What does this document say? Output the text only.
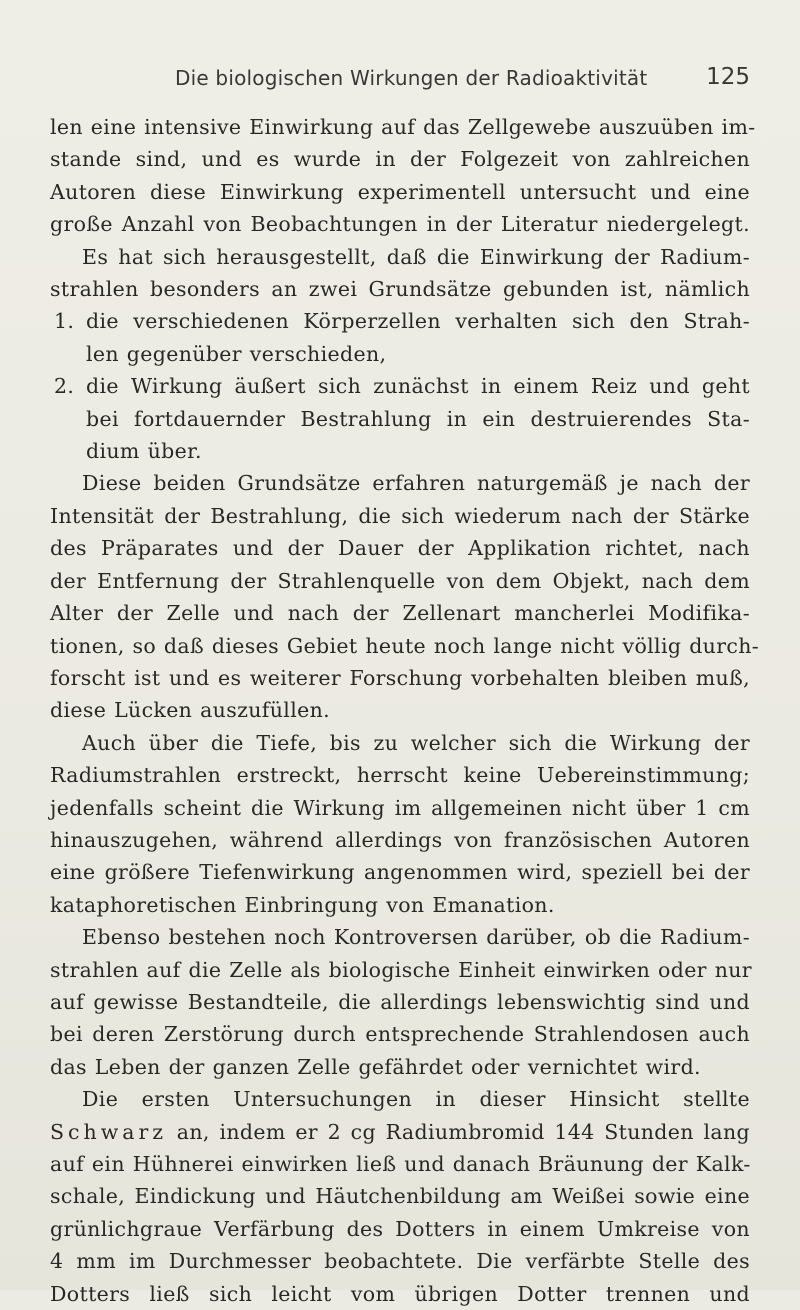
Die biologischen Wirkungen der Radioaktivität	125

len eine intensive Einwirkung auf das Zellgewebe auszuüben im-
stande sind, und es wurde in der Folgezeit von zahlreichen
Autoren diese Einwirkung experimentell untersucht und eine
große Anzahl von Beobachtungen in der Literatur niedergelegt.

Es hat sich herausgestellt, daß die Einwirkung der Radium-
strahlen besonders an zwei Grundsätze gebunden ist, nämlich

1. die verschiedenen Körperzellen verhalten sich den Strah-
len gegenüber verschieden,
2. die Wirkung äußert sich zunächst in einem Reiz und geht
bei fortdauernder Bestrahlung in ein destruierendes Sta-
dium über.

Diese beiden Grundsätze erfahren naturgemäß je nach der
Intensität der Bestrahlung, die sich wiederum nach der Stärke
des Präparates und der Dauer der Applikation richtet, nach
der Entfernung der Strahlenquelle von dem Objekt, nach dem
Alter der Zelle und nach der Zellenart mancherlei Modifika-
tionen, so daß dieses Gebiet heute noch lange nicht völlig durch-
forscht ist und es weiterer Forschung vorbehalten bleiben muß,
diese Lücken auszufüllen.

Auch über die Tiefe, bis zu welcher sich die Wirkung der
Radiumstrahlen erstreckt, herrscht keine Uebereinstimmung;
jedenfalls scheint die Wirkung im allgemeinen nicht über 1 cm
hinauszugehen, während allerdings von französischen Autoren
eine größere Tiefenwirkung angenommen wird, speziell bei der
kataphoretischen Einbringung von Emanation.

Ebenso bestehen noch Kontroversen darüber, ob die Radium-
strahlen auf die Zelle als biologische Einheit einwirken oder nur
auf gewisse Bestandteile, die allerdings lebenswichtig sind und
bei deren Zerstörung durch entsprechende Strahlendosen auch
das Leben der ganzen Zelle gefährdet oder vernichtet wird.

Die ersten Untersuchungen in dieser Hinsicht stellte
Schwarz an, indem er 2 cg Radiumbromid 144 Stunden lang
auf ein Hühnerei einwirken ließ und danach Bräunung der Kalk-
schale, Eindickung und Häutchenbildung am Weißei sowie eine
grünlichgraue Verfärbung des Dotters in einem Umkreise von
4 mm im Durchmesser beobachtete. Die verfärbte Stelle des
Dotters ließ sich leicht vom übrigen Dotter trennen und
